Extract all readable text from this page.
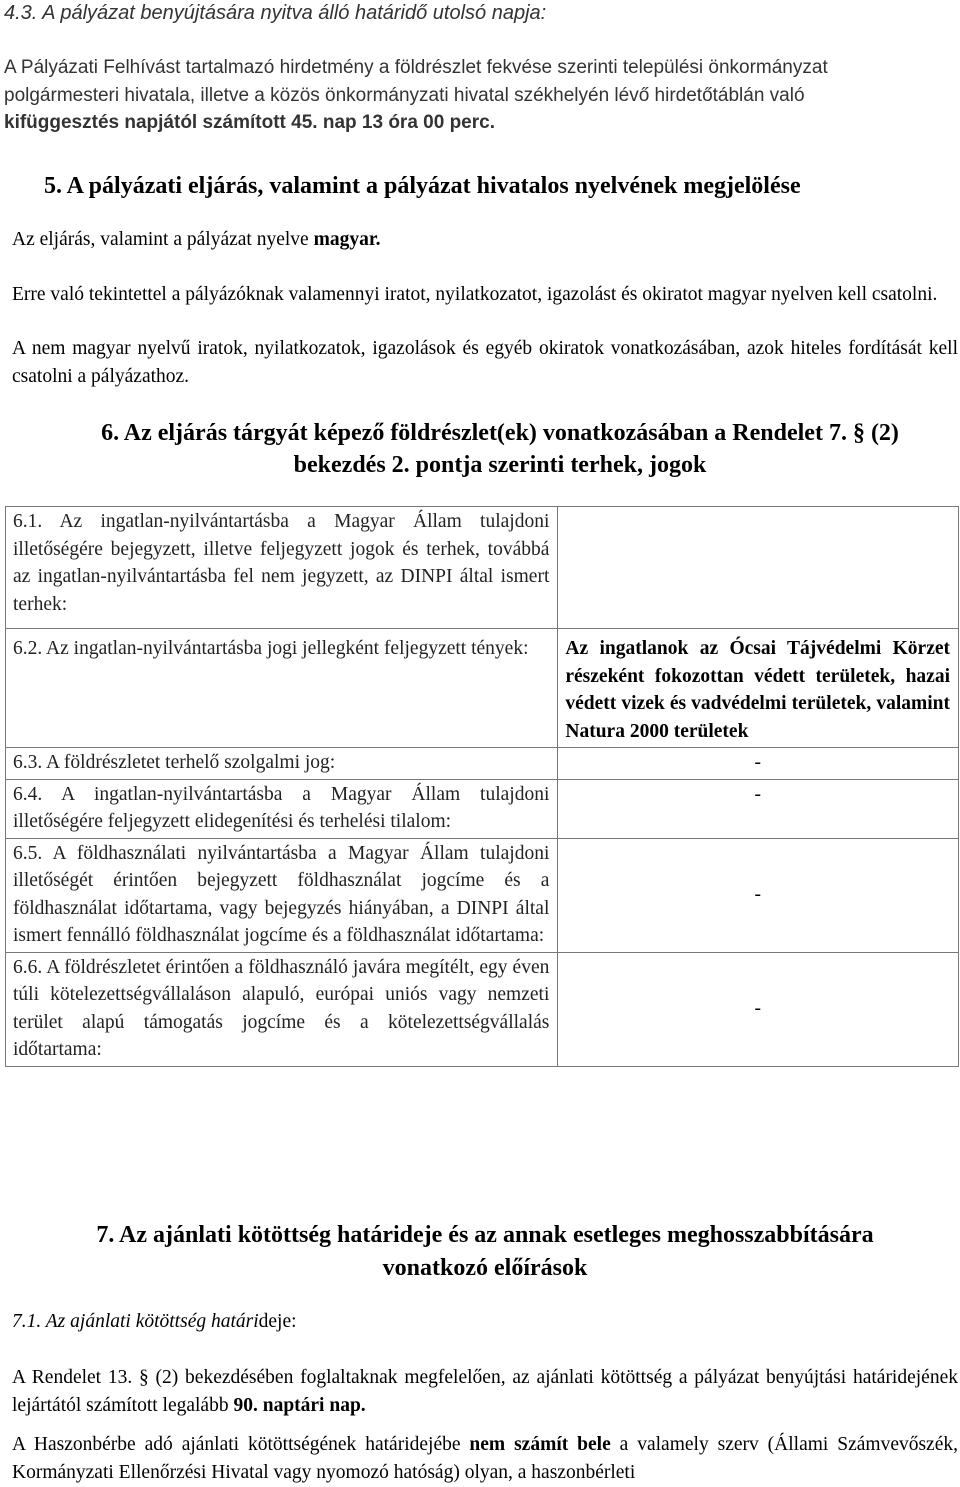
4.3. A pályázat benyújtására nyitva álló határidő utolsó napja:
A Pályázati Felhívást tartalmazó hirdetmény a földrészlet fekvése szerinti települési önkormányzat
polgármesteri hivatala, illetve a közös önkormányzati hivatal székhelyén lévő hirdetőtáblán való
kifüggesztés napjától számított 45. nap 13 óra 00 perc.
5. A pályázati eljárás, valamint a pályázat hivatalos nyelvének megjelölése
Az eljárás, valamint a pályázat nyelve magyar.
Erre való tekintettel a pályázóknak valamennyi iratot, nyilatkozatot, igazolást és okiratot magyar nyelven kell csatolni.
A nem magyar nyelvű iratok, nyilatkozatok, igazolások és egyéb okiratok vonatkozásában, azok hiteles fordítását kell csatolni a pályázathoz.
6. Az eljárás tárgyát képező földrészlet(ek) vonatkozásában a Rendelet 7. § (2)
bekezdés 2. pontja szerinti terhek, jogok
6.1. Az ingatlan-nyilvántartásba a Magyar Állam tulajdoni illetőségére bejegyzett, illetve feljegyzett jogok és terhek, továbbá az ingatlan-nyilvántartásba fel nem jegyzett, az DINPI által ismert terhek:	
6.2. Az ingatlan-nyilvántartásba jogi jellegként feljegyzett tények:	Az ingatlanok az Ócsai Tájvédelmi Körzet részeként fokozottan védett területek, hazai védett vizek és vadvédelmi területek, valamint Natura 2000 területek
6.3. A földrészletet terhelő szolgalmi jog:	-
6.4. A ingatlan-nyilvántartásba a Magyar Állam tulajdoni illetőségére feljegyzett elidegenítési és terhelési tilalom:	-
6.5. A földhasználati nyilvántartásba a Magyar Állam tulajdoni illetőségét érintően bejegyzett földhasználat jogcíme és a földhasználat időtartama, vagy bejegyzés hiányában, a DINPI által ismert fennálló földhasználat jogcíme és a földhasználat időtartama:	-
6.6. A földrészletet érintően a földhasználó javára megítélt, egy éven túli kötelezettségvállaláson alapuló, európai uniós vagy nemzeti terület alapú támogatás jogcíme és a kötelezettségvállalás időtartama:	-
7. Az ajánlati kötöttség határideje és az annak esetleges meghosszabbítására
vonatkozó előírások
7.1. Az ajánlati kötöttség határideje:
A Rendelet 13. § (2) bekezdésében foglaltaknak megfelelően, az ajánlati kötöttség a pályázat benyújtási határidejének lejártától számított legalább 90. naptári nap.
A Haszonbérbe adó ajánlati kötöttségének határidejébe nem számít bele a valamely szerv (Állami Számvevőszék, Kormányzati Ellenőrzési Hivatal vagy nyomozó hatóság) olyan, a haszonbérleti
